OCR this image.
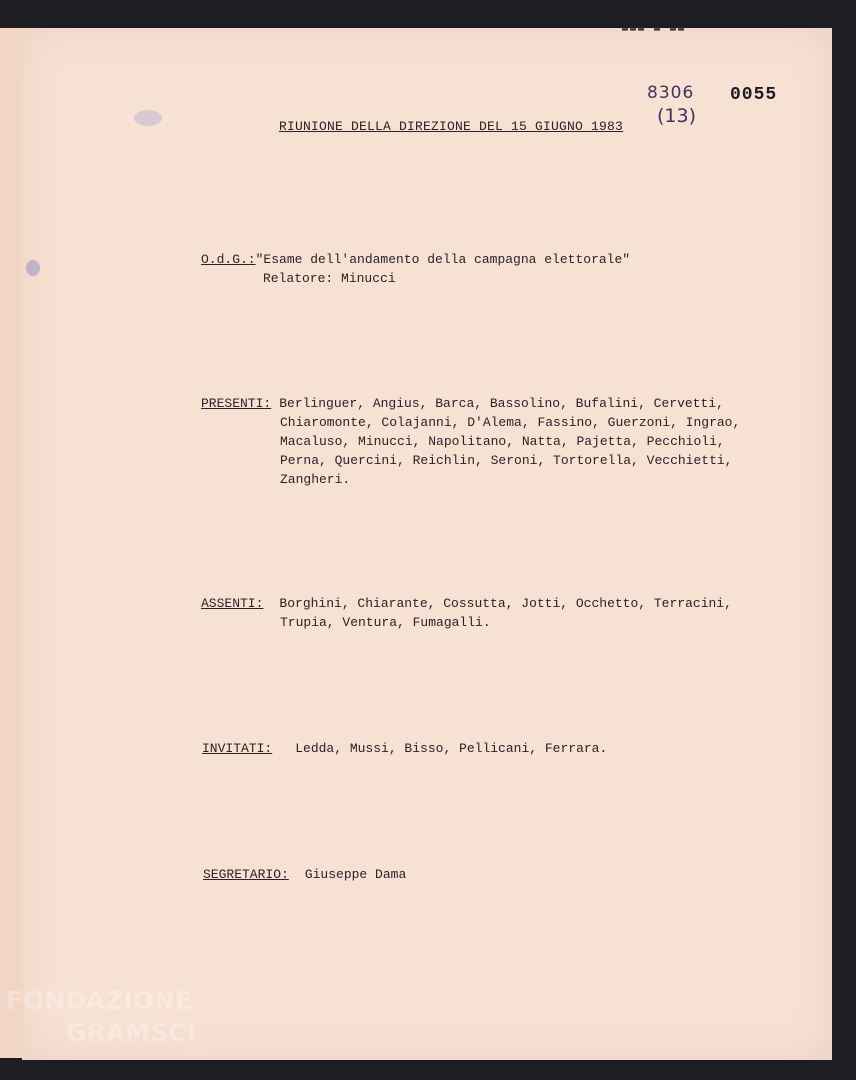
▬▬▬ ▬ ▬▬
RIUNIONE DELLA DIREZIONE DEL 15 GIUGNO 1983
8306
(13)
0055
O.d.G.: "Esame dell'andamento della campagna elettorale"
Relatore: Minucci
PRESENTI: Berlinguer, Angius, Barca, Bassolino, Bufalini, Cervetti,
Chiaromonte, Colajanni, D'Alema, Fassino, Guerzoni, Ingrao,
Macaluso, Minucci, Napolitano, Natta, Pajetta, Pecchioli,
Perna, Quercini, Reichlin, Seroni, Tortorella, Vecchietti,
Zangheri.
ASSENTI:	Borghini, Chiarante, Cossutta, Jotti, Occhetto, Terracini,
Trupia, Ventura, Fumagalli.
INVITATI:	Ledda, Mussi, Bisso, Pellicani, Ferrara.
SEGRETARIO:	Giuseppe Dama
FONDAZIONE
GRAMSCI
onlus
